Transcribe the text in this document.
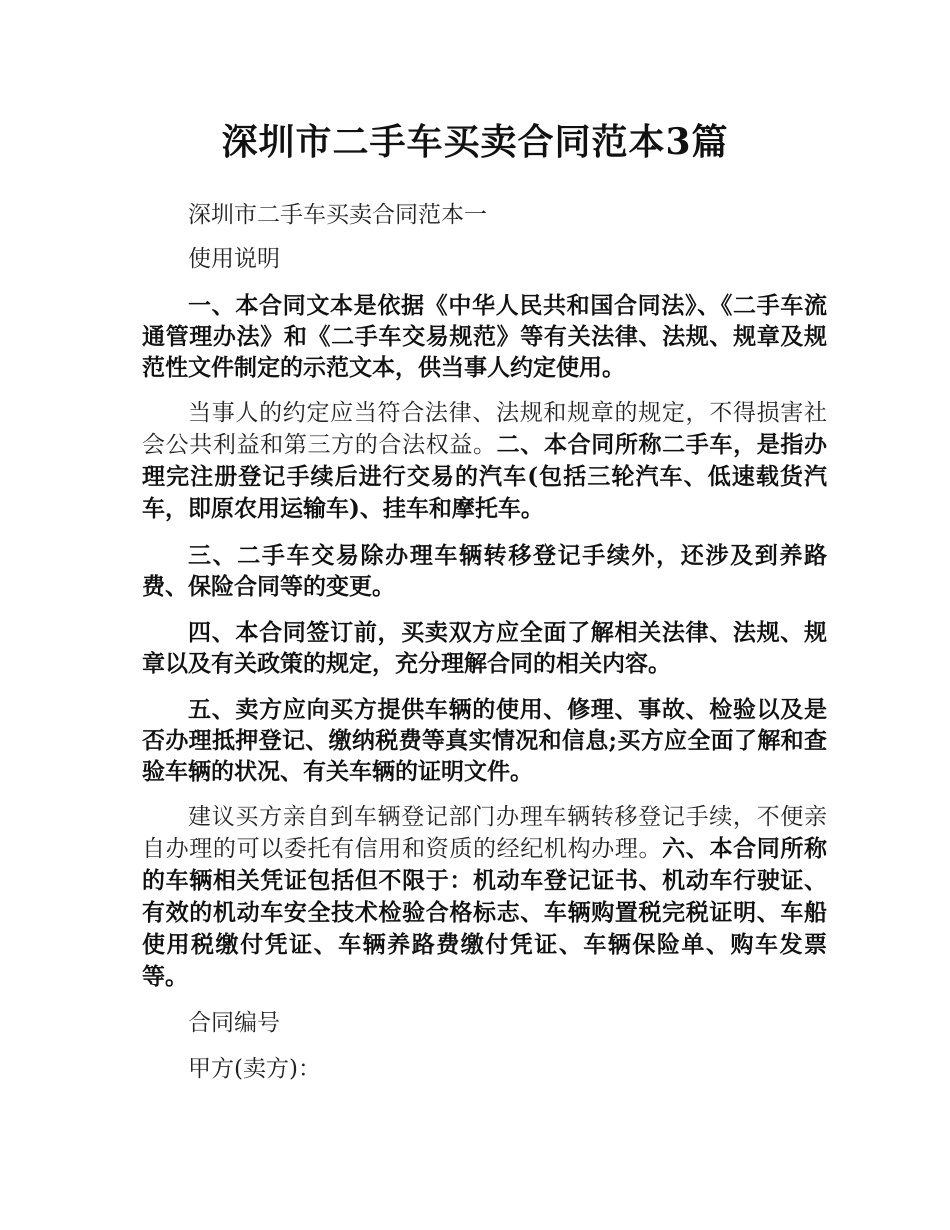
深圳市二手车买卖合同范本3篇

深圳市二手车买卖合同范本一

使用说明

一、本合同文本是依据《中华人民共和国合同法》、《二手车流通管理办法》和《二手车交易规范》等有关法律、法规、规章及规范性文件制定的示范文本，供当事人约定使用。

当事人的约定应当符合法律、法规和规章的规定，不得损害社会公共利益和第三方的合法权益。二、本合同所称二手车，是指办理完注册登记手续后进行交易的汽车(包括三轮汽车、低速载货汽车，即原农用运输车)、挂车和摩托车。

三、二手车交易除办理车辆转移登记手续外，还涉及到养路费、保险合同等的变更。

四、本合同签订前，买卖双方应全面了解相关法律、法规、规章以及有关政策的规定，充分理解合同的相关内容。

五、卖方应向买方提供车辆的使用、修理、事故、检验以及是否办理抵押登记、缴纳税费等真实情况和信息;买方应全面了解和查验车辆的状况、有关车辆的证明文件。

建议买方亲自到车辆登记部门办理车辆转移登记手续，不便亲自办理的可以委托有信用和资质的经纪机构办理。六、本合同所称的车辆相关凭证包括但不限于：机动车登记证书、机动车行驶证、有效的机动车安全技术检验合格标志、车辆购置税完税证明、车船使用税缴付凭证、车辆养路费缴付凭证、车辆保险单、购车发票等。

合同编号

甲方(卖方)：
